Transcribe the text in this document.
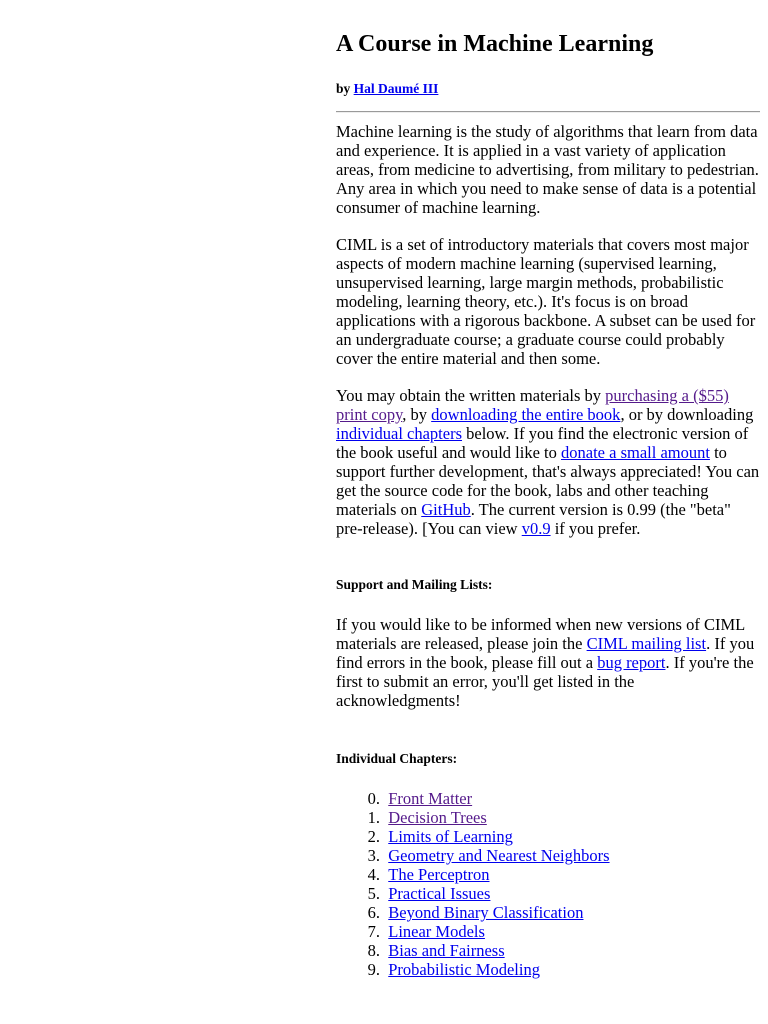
A Course in Machine Learning
by Hal Daumé III

Machine learning is the study of algorithms that learn from data and experience. It is applied in a vast variety of application areas, from medicine to advertising, from military to pedestrian. Any area in which you need to make sense of data is a potential consumer of machine learning.

CIML is a set of introductory materials that covers most major aspects of modern machine learning (supervised learning, unsupervised learning, large margin methods, probabilistic modeling, learning theory, etc.). It's focus is on broad applications with a rigorous backbone. A subset can be used for an undergraduate course; a graduate course could probably cover the entire material and then some.

You may obtain the written materials by purchasing a ($55) print copy, by downloading the entire book, or by downloading individual chapters below. If you find the electronic version of the book useful and would like to donate a small amount to support further development, that's always appreciated! You can get the source code for the book, labs and other teaching materials on GitHub. The current version is 0.99 (the "beta" pre-release). [You can view v0.9 if you prefer.

Support and Mailing Lists:

If you would like to be informed when new versions of CIML materials are released, please join the CIML mailing list. If you find errors in the book, please fill out a bug report. If you're the first to submit an error, you'll get listed in the acknowledgments!

Individual Chapters:
0.
Front Matter
1.
Decision Trees
2.
Limits of Learning
3.
Geometry and Nearest Neighbors
4.
The Perceptron
5.
Practical Issues
6.
Beyond Binary Classification
7.
Linear Models
8.
Bias and Fairness
9.
Probabilistic Modeling
